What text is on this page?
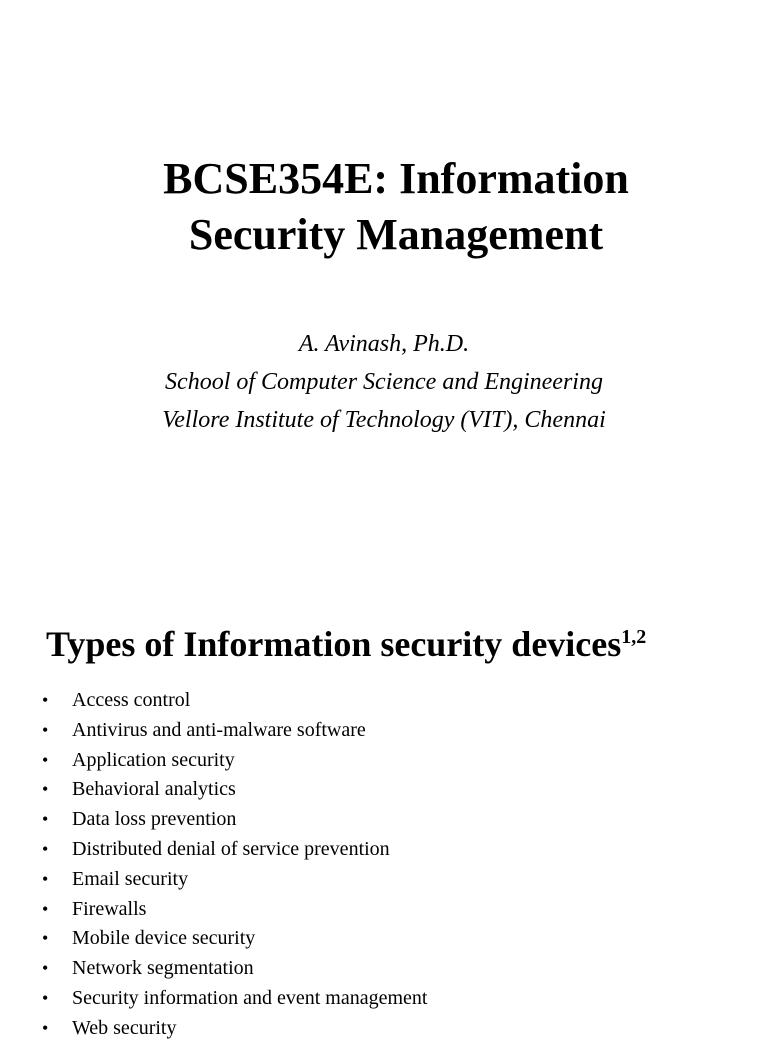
BCSE354E: Information
Security Management
A. Avinash, Ph.D.
School of Computer Science and Engineering
Vellore Institute of Technology (VIT), Chennai
Types of Information security devices$^{1,2}$
• Access control
• Antivirus and anti-malware software
• Application security
• Behavioral analytics
• Data loss prevention
• Distributed denial of service prevention
• Email security
• Firewalls
• Mobile device security
• Network segmentation
• Security information and event management
• Web security
